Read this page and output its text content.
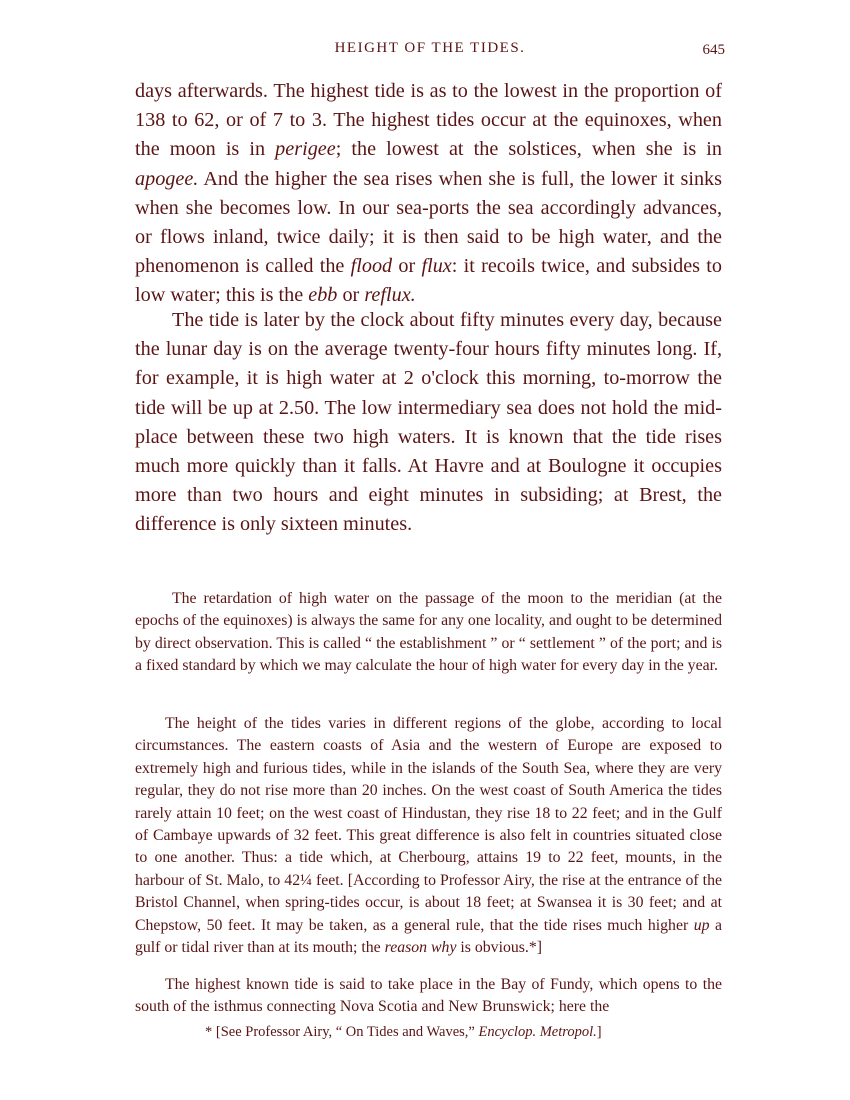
HEIGHT OF THE TIDES.	645

days afterwards. The highest tide is as to the lowest in the proportion of 138 to 62, or of 7 to 3. The highest tides occur at the equinoxes, when the moon is in perigee; the lowest at the solstices, when she is in apogee. And the higher the sea rises when she is full, the lower it sinks when she becomes low. In our sea-ports the sea accordingly advances, or flows inland, twice daily; it is then said to be high water, and the phenomenon is called the flood or flux: it recoils twice, and subsides to low water; this is the ebb or reflux.

The tide is later by the clock about fifty minutes every day, because the lunar day is on the average twenty-four hours fifty minutes long. If, for example, it is high water at 2 o'clock this morning, to-morrow the tide will be up at 2.50. The low intermediary sea does not hold the mid-place between these two high waters. It is known that the tide rises much more quickly than it falls. At Havre and at Boulogne it occupies more than two hours and eight minutes in subsiding; at Brest, the difference is only sixteen minutes.

The retardation of high water on the passage of the moon to the meridian (at the epochs of the equinoxes) is always the same for any one locality, and ought to be determined by direct observation. This is called “ the establishment ” or “ settlement ” of the port; and is a fixed standard by which we may calculate the hour of high water for every day in the year.

The height of the tides varies in different regions of the globe, according to local circumstances. The eastern coasts of Asia and the western of Europe are exposed to extremely high and furious tides, while in the islands of the South Sea, where they are very regular, they do not rise more than 20 inches. On the west coast of South America the tides rarely attain 10 feet; on the west coast of Hindustan, they rise 18 to 22 feet; and in the Gulf of Cambaye upwards of 32 feet. This great difference is also felt in countries situated close to one another. Thus: a tide which, at Cherbourg, attains 19 to 22 feet, mounts, in the harbour of St. Malo, to 42¼ feet. [According to Professor Airy, the rise at the entrance of the Bristol Channel, when spring-tides occur, is about 18 feet; at Swansea it is 30 feet; and at Chepstow, 50 feet. It may be taken, as a general rule, that the tide rises much higher up a gulf or tidal river than at its mouth; the reason why is obvious.*]

The highest known tide is said to take place in the Bay of Fundy, which opens to the south of the isthmus connecting Nova Scotia and New Brunswick; here the

* [See Professor Airy, “ On Tides and Waves,” Encyclop. Metropol.]
